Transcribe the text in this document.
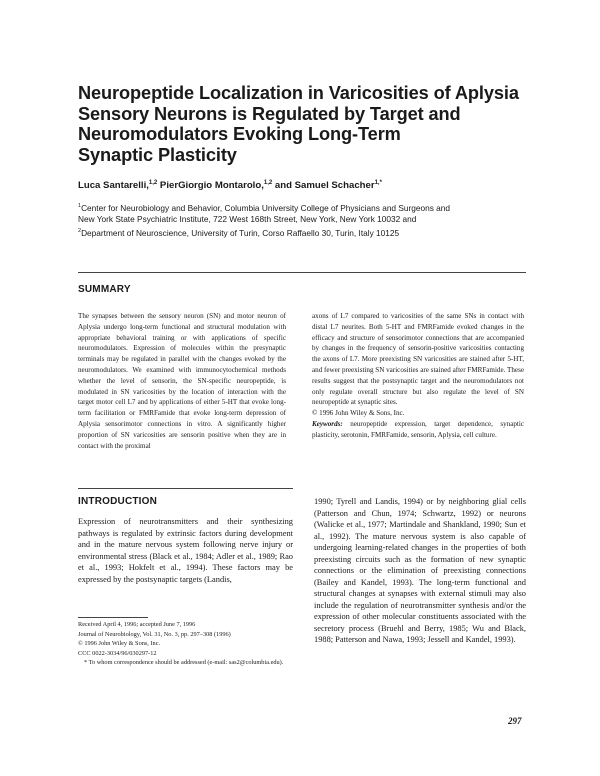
Neuropeptide Localization in Varicosities of Aplysia
Sensory Neurons is Regulated by Target and
Neuromodulators Evoking Long-Term
Synaptic Plasticity
Luca Santarelli,$^{1,2}$ PierGiorgio Montarolo,$^{1,2}$ and Samuel Schacher$^{1,*}$
$^1$Center for Neurobiology and Behavior, Columbia University College of Physicians and Surgeons and
New York State Psychiatric Institute, 722 West 168th Street, New York, New York 10032 and
$^2$Department of Neuroscience, University of Turin, Corso Raffaello 30, Turin, Italy 10125
SUMMARY

The synapses between the sensory neuron (SN) and motor neuron of Aplysia undergo long-term functional and structural modulation with appropriate behavioral training or with applications of specific neuromodulators. Expression of molecules within the presynaptic terminals may be regulated in parallel with the changes evoked by the neuromodulators. We examined with immunocytochemical methods whether the level of sensorin, the SN-specific neuropeptide, is modulated in SN varicosities by the location of interaction with the target motor cell L7 and by applications of either 5-HT that evoke long-term facilitation or FMRFamide that evoke long-term depression of Aplysia sensorimotor connections in vitro. A significantly higher proportion of SN varicosities are sensorin positive when they are in contact with the proximal

axons of L7 compared to varicosities of the same SNs in contact with distal L7 neurites. Both 5-HT and FMRFamide evoked changes in the efficacy and structure of sensorimotor connections that are accompanied by changes in the frequency of sensorin-positive varicosities contacting the axons of L7. More preexisting SN varicosities are stained after 5-HT, and fewer preexisting SN varicosities are stained after FMRFamide. These results suggest that the postsynaptic target and the neuromodulators not only regulate overall structure but also regulate the level of SN neuropeptide at synaptic sites.

© 1996 John Wiley & Sons, Inc.

Keywords: neuropeptide expression, target dependence, synaptic plasticity, serotonin, FMRFamide, sensorin, Aplysia, cell culture.

INTRODUCTION

Expression of neurotransmitters and their synthesizing pathways is regulated by extrinsic factors during development and in the mature nervous system following nerve injury or environmental stress (Black et al., 1984; Adler et al., 1989; Rao et al., 1993; Hokfelt et al., 1994). These factors may be expressed by the postsynaptic targets (Landis,

1990; Tyrell and Landis, 1994) or by neighboring glial cells (Patterson and Chun, 1974; Schwartz, 1992) or neurons (Walicke et al., 1977; Martindale and Shankland, 1990; Sun et al., 1992). The mature nervous system is also capable of undergoing learning-related changes in the properties of both preexisting circuits such as the formation of new synaptic connections or the elimination of preexisting connections (Bailey and Kandel, 1993). The long-term functional and structural changes at synapses with external stimuli may also include the regulation of neurotransmitter synthesis and/or the expression of other molecular constituents associated with the secretory process (Bruehl and Berry, 1985; Wu and Black, 1988; Patterson and Nawa, 1993; Jessell and Kandel, 1993).

Received April 4, 1996; accepted June 7, 1996
Journal of Neurobiology, Vol. 31, No. 3, pp. 297–308 (1996)
© 1996 John Wiley & Sons, Inc.
CCC 0022-3034/96/030297-12
* To whom correspondence should be addressed (e-mail: sas2@columbia.edu).
297
